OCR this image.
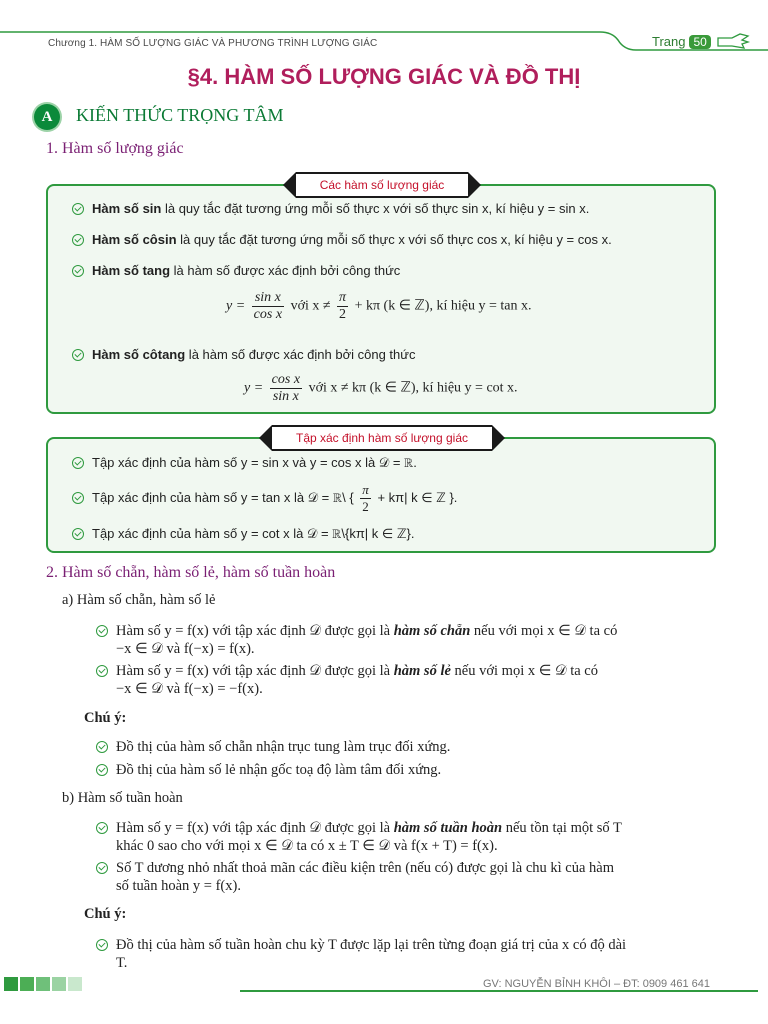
Chương 1. HÀM SỐ LƯỢNG GIÁC VÀ PHƯƠNG TRÌNH LƯỢNG GIÁC	Trang 50
§4. HÀM SỐ LƯỢNG GIÁC VÀ ĐỒ THỊ
A	KIẾN THỨC TRỌNG TÂM
1. Hàm số lượng giác
Các hàm số lượng giác
Hàm số sin là quy tắc đặt tương ứng mỗi số thực x với số thực sin x, kí hiệu y = sin x.
Hàm số côsin là quy tắc đặt tương ứng mỗi số thực x với số thực cos x, kí hiệu y = cos x.
Hàm số tang là hàm số được xác định bởi công thức
$y = \frac{\text{sin x}}{\text{cos x}}$ với $x \ne \frac{\pi}{2} + k\pi$ (k ∈ ℤ), kí hiệu y = tan x.
Hàm số côtang là hàm số được xác định bởi công thức
$y = \frac{\text{cos x}}{\text{sin x}}$ với x ≠ kπ (k ∈ ℤ), kí hiệu y = cot x.
Tập xác định hàm số lượng giác
Tập xác định của hàm số y = sin x và y = cos x là 𝒟 = ℝ.
Tập xác định của hàm số y = tan x là 𝒟 = ℝ\ { $\frac{\pi}{2} + k\pi|$ k ∈ ℤ }.
Tập xác định của hàm số y = cot x là 𝒟 = ℝ\{kπ| k ∈ ℤ}.
2. Hàm số chẵn, hàm số lẻ, hàm số tuần hoàn
a) Hàm số chẵn, hàm số lẻ
Hàm số y = f(x) với tập xác định 𝒟 được gọi là hàm số chẵn nếu với mọi x ∈ 𝒟 ta có
−x ∈ 𝒟 và f(−x) = f(x).
Hàm số y = f(x) với tập xác định 𝒟 được gọi là hàm số lẻ nếu với mọi x ∈ 𝒟 ta có
−x ∈ 𝒟 và f(−x) = −f(x).
Chú ý:
Đồ thị của hàm số chẵn nhận trục tung làm trục đối xứng.
Đồ thị của hàm số lẻ nhận gốc toạ độ làm tâm đối xứng.
b) Hàm số tuần hoàn
Hàm số y = f(x) với tập xác định 𝒟 được gọi là hàm số tuần hoàn nếu tồn tại một số T
khác 0 sao cho với mọi x ∈ 𝒟 ta có x ± T ∈ 𝒟 và f(x + T) = f(x).
Số T dương nhỏ nhất thoả mãn các điều kiện trên (nếu có) được gọi là chu kì của hàm
số tuần hoàn y = f(x).
Chú ý:
Đồ thị của hàm số tuần hoàn chu kỳ T được lặp lại trên từng đoạn giá trị của x có độ dài
T.
GV: NGUYỄN BỈNH KHÔI – ĐT: 0909 461 641
